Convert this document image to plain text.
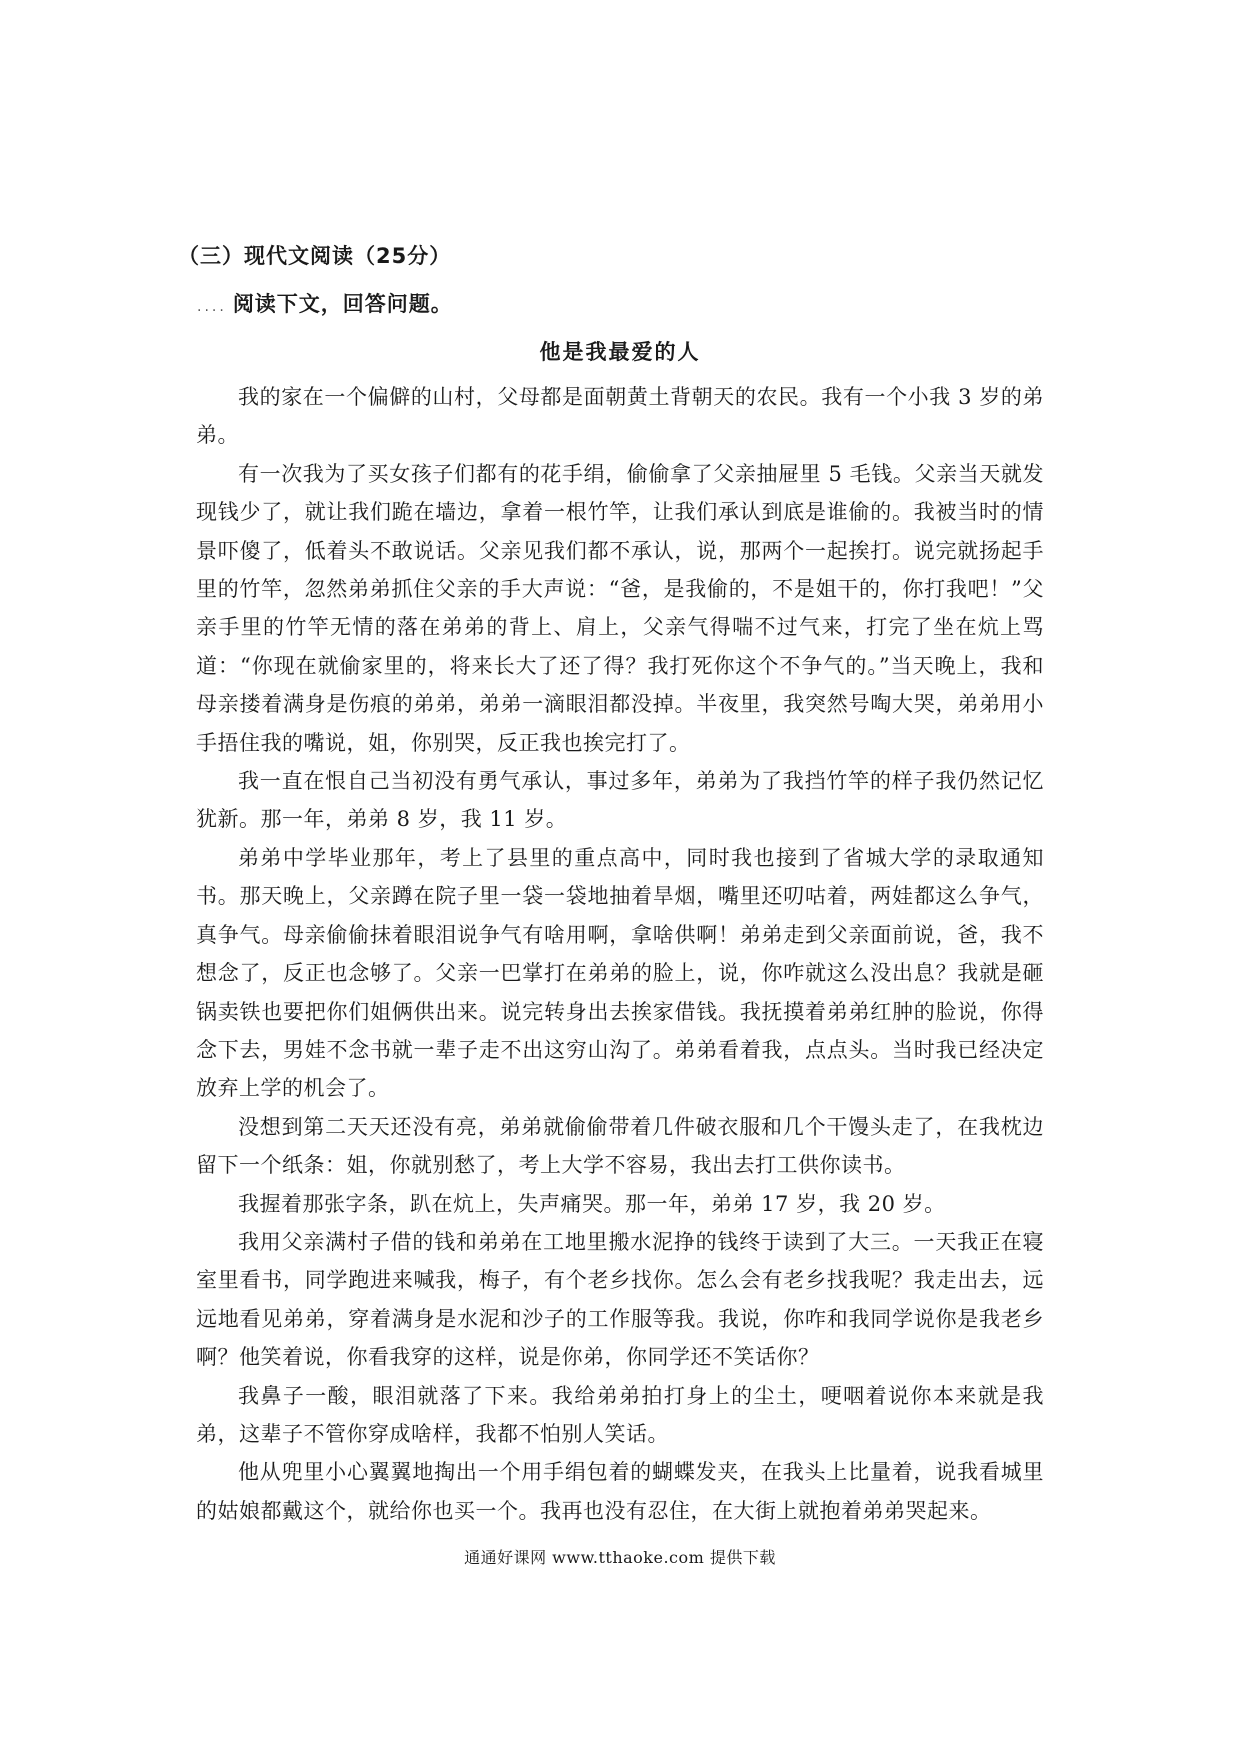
（三）现代文阅读（25分）
.... 阅读下文，回答问题。
他是我最爱的人

我的家在一个偏僻的山村，父母都是面朝黄土背朝天的农民。我有一个小我 3 岁的弟弟。

有一次我为了买女孩子们都有的花手绢，偷偷拿了父亲抽屉里 5 毛钱。父亲当天就发现钱少了，就让我们跪在墙边，拿着一根竹竿，让我们承认到底是谁偷的。我被当时的情景吓傻了，低着头不敢说话。父亲见我们都不承认，说，那两个一起挨打。说完就扬起手里的竹竿，忽然弟弟抓住父亲的手大声说：“爸，是我偷的，不是姐干的，你打我吧！”父亲手里的竹竿无情的落在弟弟的背上、肩上，父亲气得喘不过气来，打完了坐在炕上骂道：“你现在就偷家里的，将来长大了还了得？我打死你这个不争气的。”当天晚上，我和母亲搂着满身是伤痕的弟弟，弟弟一滴眼泪都没掉。半夜里，我突然号啕大哭，弟弟用小手捂住我的嘴说，姐，你别哭，反正我也挨完打了。

我一直在恨自己当初没有勇气承认，事过多年，弟弟为了我挡竹竿的样子我仍然记忆犹新。那一年，弟弟 8 岁，我 11 岁。

弟弟中学毕业那年，考上了县里的重点高中，同时我也接到了省城大学的录取通知书。那天晚上，父亲蹲在院子里一袋一袋地抽着旱烟，嘴里还叨咕着，两娃都这么争气，真争气。母亲偷偷抹着眼泪说争气有啥用啊，拿啥供啊！弟弟走到父亲面前说，爸，我不想念了，反正也念够了。父亲一巴掌打在弟弟的脸上，说，你咋就这么没出息？我就是砸锅卖铁也要把你们姐俩供出来。说完转身出去挨家借钱。我抚摸着弟弟红肿的脸说，你得念下去，男娃不念书就一辈子走不出这穷山沟了。弟弟看着我，点点头。当时我已经决定放弃上学的机会了。

没想到第二天天还没有亮，弟弟就偷偷带着几件破衣服和几个干馒头走了，在我枕边留下一个纸条：姐，你就别愁了，考上大学不容易，我出去打工供你读书。

我握着那张字条，趴在炕上，失声痛哭。那一年，弟弟 17 岁，我 20 岁。

我用父亲满村子借的钱和弟弟在工地里搬水泥挣的钱终于读到了大三。一天我正在寝室里看书，同学跑进来喊我，梅子，有个老乡找你。怎么会有老乡找我呢？我走出去，远远地看见弟弟，穿着满身是水泥和沙子的工作服等我。我说，你咋和我同学说你是我老乡啊？他笑着说，你看我穿的这样，说是你弟，你同学还不笑话你？

我鼻子一酸，眼泪就落了下来。我给弟弟拍打身上的尘土，哽咽着说你本来就是我弟，这辈子不管你穿成啥样，我都不怕别人笑话。

他从兜里小心翼翼地掏出一个用手绢包着的蝴蝶发夹，在我头上比量着，说我看城里的姑娘都戴这个，就给你也买一个。我再也没有忍住，在大街上就抱着弟弟哭起来。

通通好课网 www.tthaoke.com 提供下载
